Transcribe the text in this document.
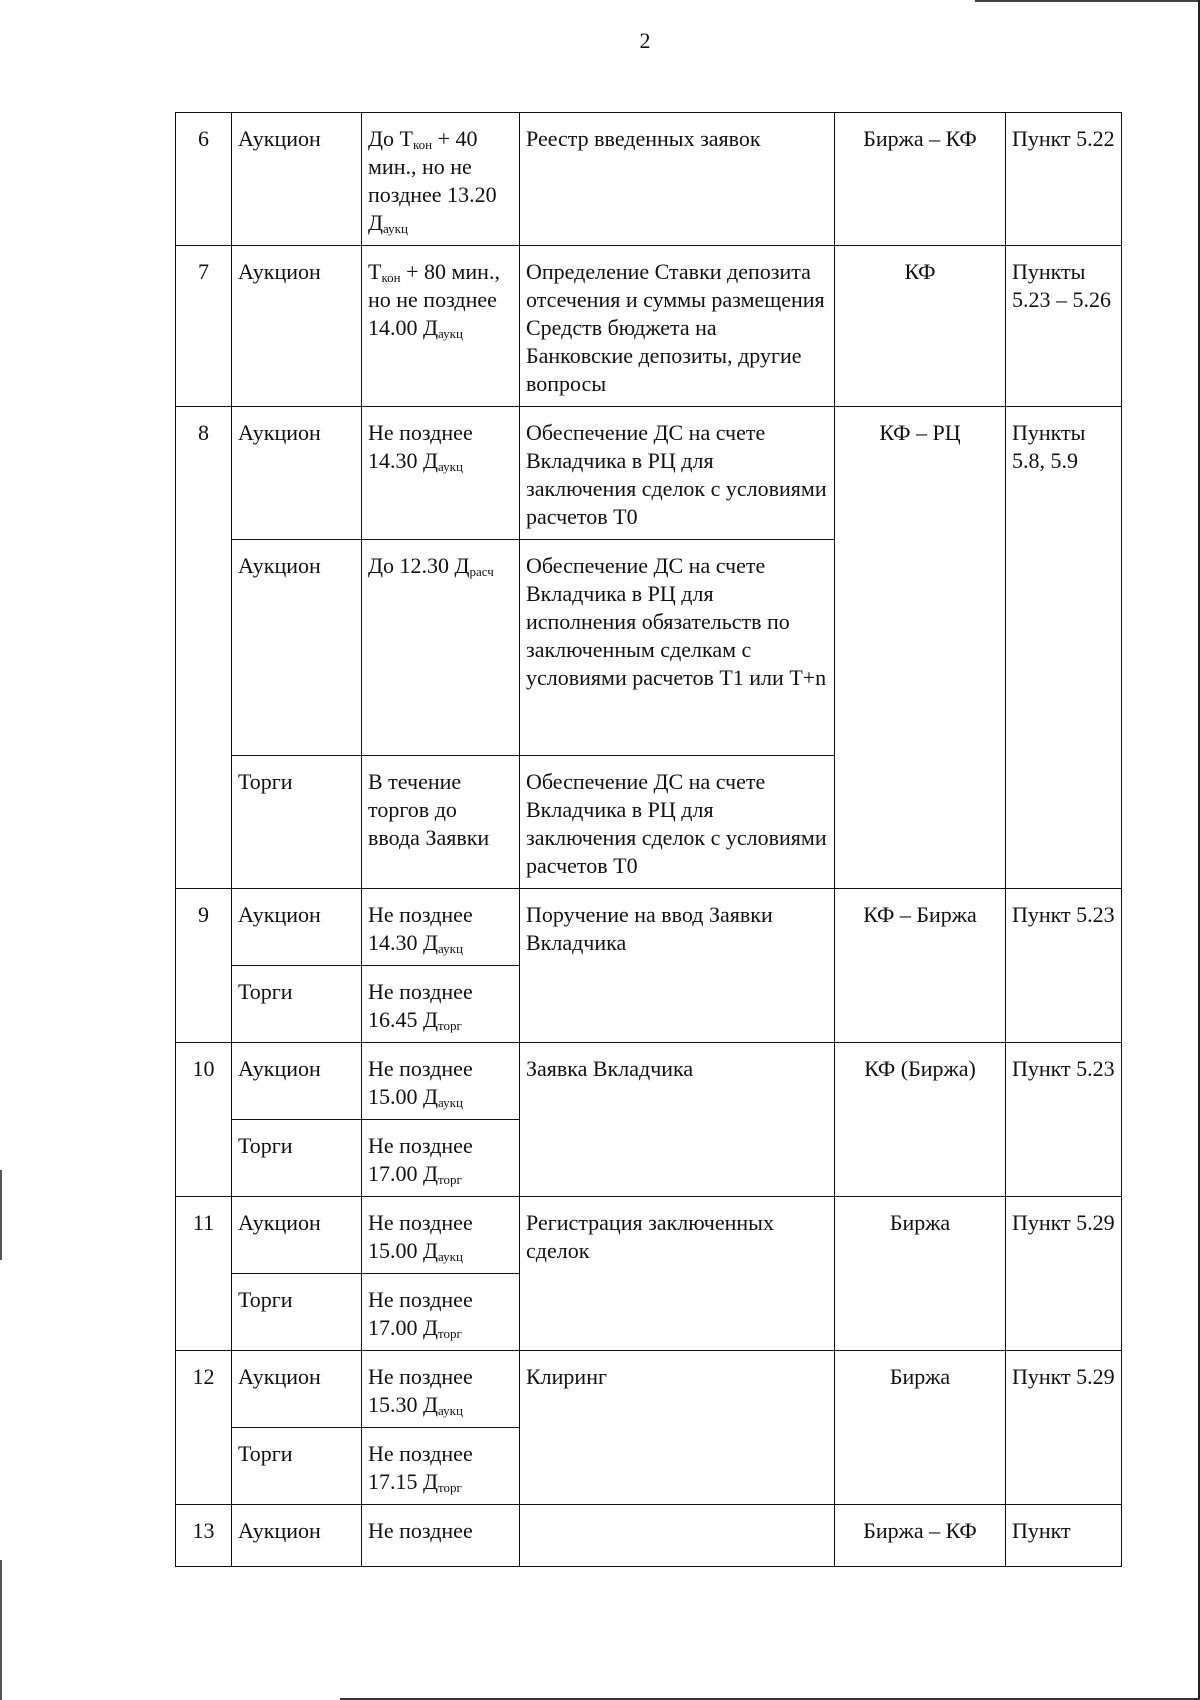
2
6	Аукцион	До $Т_{кон} + 40$ мин., но не позднее 13.20 $Д_{аукц}$	Реестр введенных заявок	Биржа – КФ	Пункт 5.22
7	Аукцион	$Т_{кон} + 80$ мин., но не позднее 14.00 $Д_{аукц}$	Определение Ставки депозита отсечения и суммы размещения Средств бюджета на Банковские депозиты, другие вопросы	КФ	Пункты 5.23 – 5.26
8	Аукцион	Не позднее 14.30 $Д_{аукц}$	Обеспечение ДС на счете Вкладчика в РЦ для заключения сделок с условиями расчетов Т0	КФ – РЦ	Пункты 5.8, 5.9
	Аукцион	До 12.30 $Д_{расч}$	Обеспечение ДС на счете Вкладчика в РЦ для исполнения обязательств по заключенным сделкам с условиями расчетов Т1 или Т+n		
	Торги	В течение торгов до ввода Заявки	Обеспечение ДС на счете Вкладчика в РЦ для заключения сделок с условиями расчетов Т0		
9	Аукцион	Не позднее 14.30 $Д_{аукц}$	Поручение на ввод Заявки Вкладчика	КФ – Биржа	Пункт 5.23
	Торги	Не позднее 16.45 $Д_{торг}$
10	Аукцион	Не позднее 15.00 $Д_{аукц}$	Заявка Вкладчика	КФ (Биржа)	Пункт 5.23
	Торги	Не позднее 17.00 $Д_{торг}$
11	Аукцион	Не позднее 15.00 $Д_{аукц}$	Регистрация заключенных сделок	Биржа	Пункт 5.29
	Торги	Не позднее 17.00 $Д_{торг}$
12	Аукцион	Не позднее 15.30 $Д_{аукц}$	Клиринг	Биржа	Пункт 5.29
	Торги	Не позднее 17.15 $Д_{торг}$
13	Аукцион	Не позднее		Биржа – КФ	Пункт
